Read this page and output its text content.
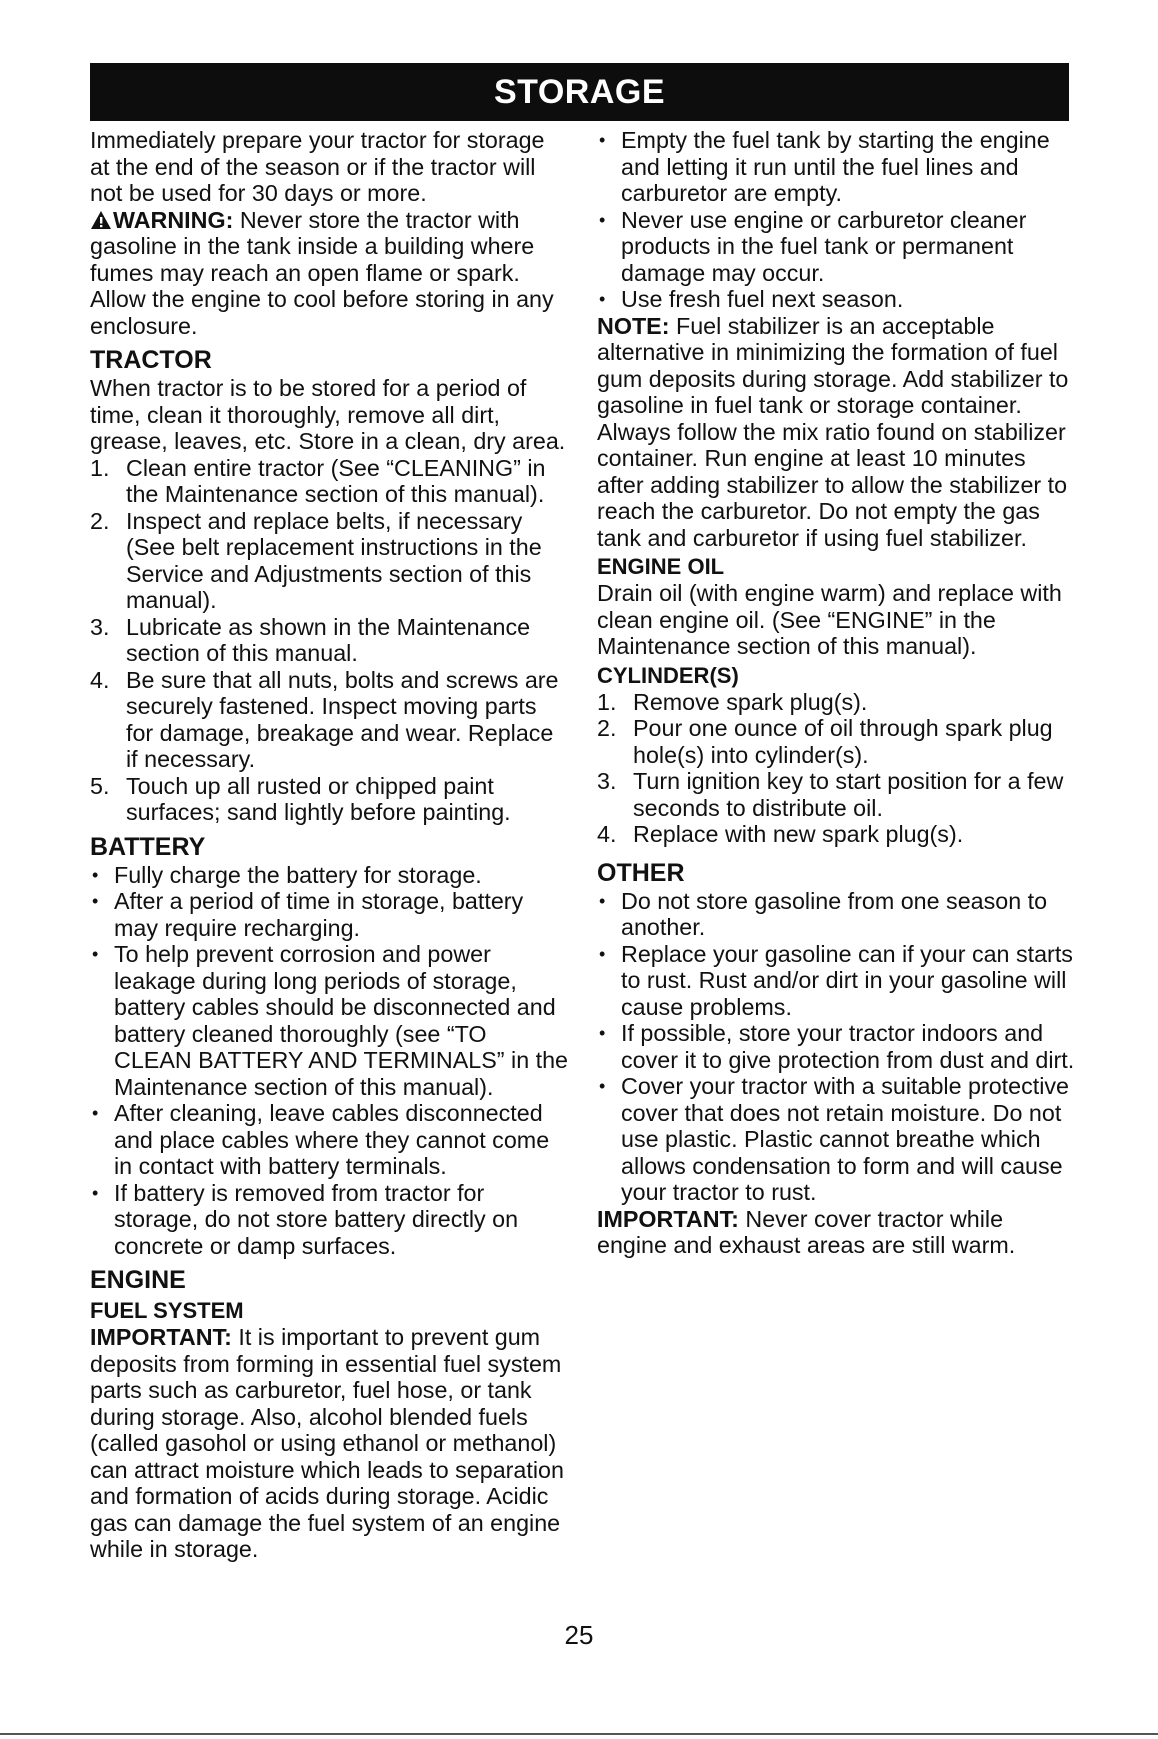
STORAGE

Immediately prepare your tractor for storage at the end of the season or if the tractor will not be used for 30 days or more.
WARNING: Never store the tractor with gasoline in the tank inside a building where fumes may reach an open flame or spark. Allow the engine to cool before storing in any enclosure.

TRACTOR

When tractor is to be stored for a period of time, clean it thoroughly, remove all dirt, grease, leaves, etc. Store in a clean, dry area.

1. Clean entire tractor (See “CLEANING” in the Maintenance section of this manual).
2. Inspect and replace belts, if necessary (See belt replacement instructions in the Service and Adjustments section of this manual).
3. Lubricate as shown in the Maintenance section of this manual.
4. Be sure that all nuts, bolts and screws are securely fastened. Inspect moving parts for damage, breakage and wear. Replace if necessary.
5. Touch up all rusted or chipped paint surfaces; sand lightly before painting.
BATTERY
• Fully charge the battery for storage.
• After a period of time in storage, battery may require recharging.
• To help prevent corrosion and power leakage during long periods of storage, battery cables should be disconnected and battery cleaned thoroughly (see “TO CLEAN BATTERY AND TERMINALS” in the Maintenance section of this manual).
• After cleaning, leave cables disconnected and place cables where they cannot come in contact with battery terminals.
• If battery is removed from tractor for storage, do not store battery directly on concrete or damp surfaces.
ENGINE
FUEL SYSTEM

IMPORTANT: It is important to prevent gum deposits from forming in essential fuel system parts such as carburetor, fuel hose, or tank during storage. Also, alcohol blended fuels (called gasohol or using ethanol or methanol) can attract moisture which leads to separation and formation of acids during storage. Acidic gas can damage the fuel system of an engine while in storage.

• Empty the fuel tank by starting the engine and letting it run until the fuel lines and carburetor are empty.
• Never use engine or carburetor cleaner products in the fuel tank or permanent damage may occur.
• Use fresh fuel next season.

NOTE: Fuel stabilizer is an acceptable alternative in minimizing the formation of fuel gum deposits during storage. Add stabilizer to gasoline in fuel tank or storage container. Always follow the mix ratio found on stabilizer container. Run engine at least 10 minutes after adding stabilizer to allow the stabilizer to reach the carburetor. Do not empty the gas tank and carburetor if using fuel stabilizer.

ENGINE OIL

Drain oil (with engine warm) and replace with clean engine oil. (See “ENGINE” in the Maintenance section of this manual).

CYLINDER(S)
1. Remove spark plug(s).
2. Pour one ounce of oil through spark plug hole(s) into cylinder(s).
3. Turn ignition key to start position for a few seconds to distribute oil.
4. Replace with new spark plug(s).
OTHER
• Do not store gasoline from one season to another.
• Replace your gasoline can if your can starts to rust. Rust and/or dirt in your gasoline will cause problems.
• If possible, store your tractor indoors and cover it to give protection from dust and dirt.
• Cover your tractor with a suitable protective cover that does not retain moisture. Do not use plastic. Plastic cannot breathe which allows condensation to form and will cause your tractor to rust.

IMPORTANT: Never cover tractor while engine and exhaust areas are still warm.

25
